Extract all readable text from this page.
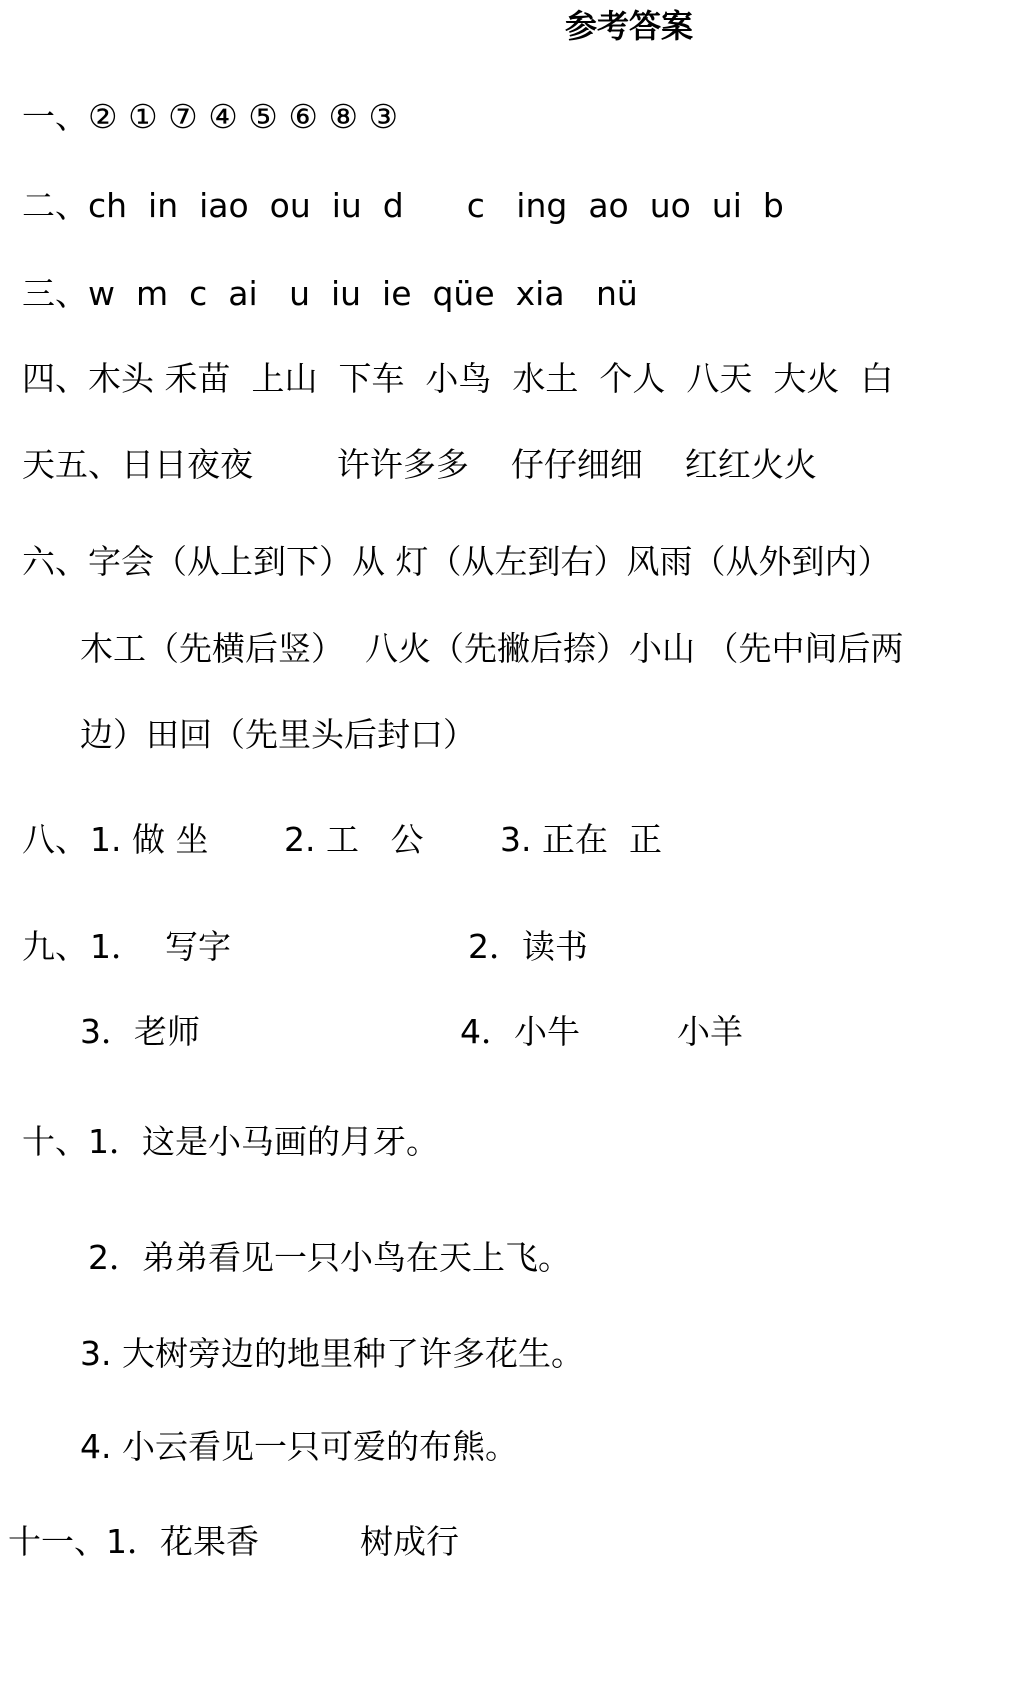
参考答案
一、② ① ⑦ ④ ⑤ ⑥ ⑧ ③
二、ch  in  iao  ou  iu  d      c   ing  ao  uo  ui  b
三、w  m  c  ai   u  iu  ie  qüe  xia   nü
四、木头 禾苗  上山  下车  小鸟  水土  个人  八天  大火  白
天五、日日夜夜        许许多多    仔仔细细    红红火火
六、字会（从上到下）从 灯（从左到右）风雨（从外到内）
木工（先横后竖）  八火（先撇后捺）小山 （先中间后两
边）田回（先里头后封口）
八、 1. 做 坐 2. 工   公 3. 正在  正
九、 1．  写字	2．读书
3．老师	4．小牛	小羊
十、1．这是小马画的月牙。
2．弟弟看见一只小鸟在天上飞。
3. 大树旁边的地里种了许多花生。
4. 小云看见一只可爱的布熊。
十一、 1．花果香	树成行
